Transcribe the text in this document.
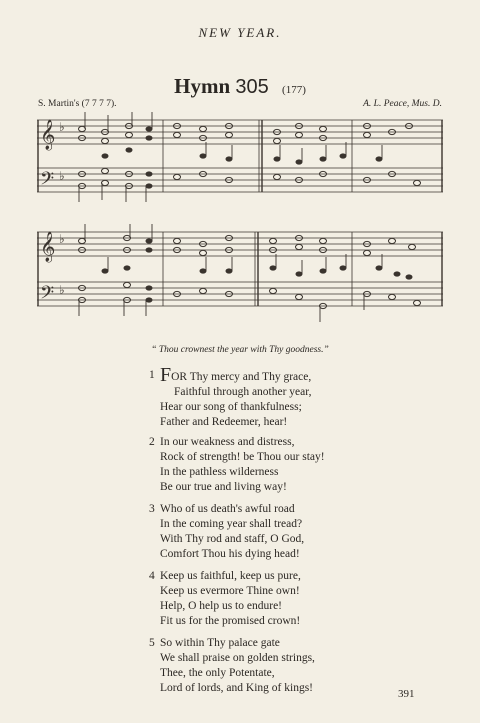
NEW YEAR.
Hymn 305 (177)
S. Martin's (7 7 7 7).	A. L. Peace, Mus. D.
𝄞
𝄢
♭
♭
𝄞
𝄢
♭
♭
“ Thou crownest the year with Thy goodness.”
1 FOR Thy mercy and Thy grace,
Faithful through another year,
Hear our song of thankfulness;
Father and Redeemer, hear!
2 In our weakness and distress,
Rock of strength! be Thou our stay!
In the pathless wilderness
Be our true and living way!
3 Who of us death's awful road
In the coming year shall tread?
With Thy rod and staff, O God,
Comfort Thou his dying head!
4 Keep us faithful, keep us pure,
Keep us evermore Thine own!
Help, O help us to endure!
Fit us for the promised crown!
5 So within Thy palace gate
We shall praise on golden strings,
Thee, the only Potentate,
Lord of lords, and King of kings!	391
